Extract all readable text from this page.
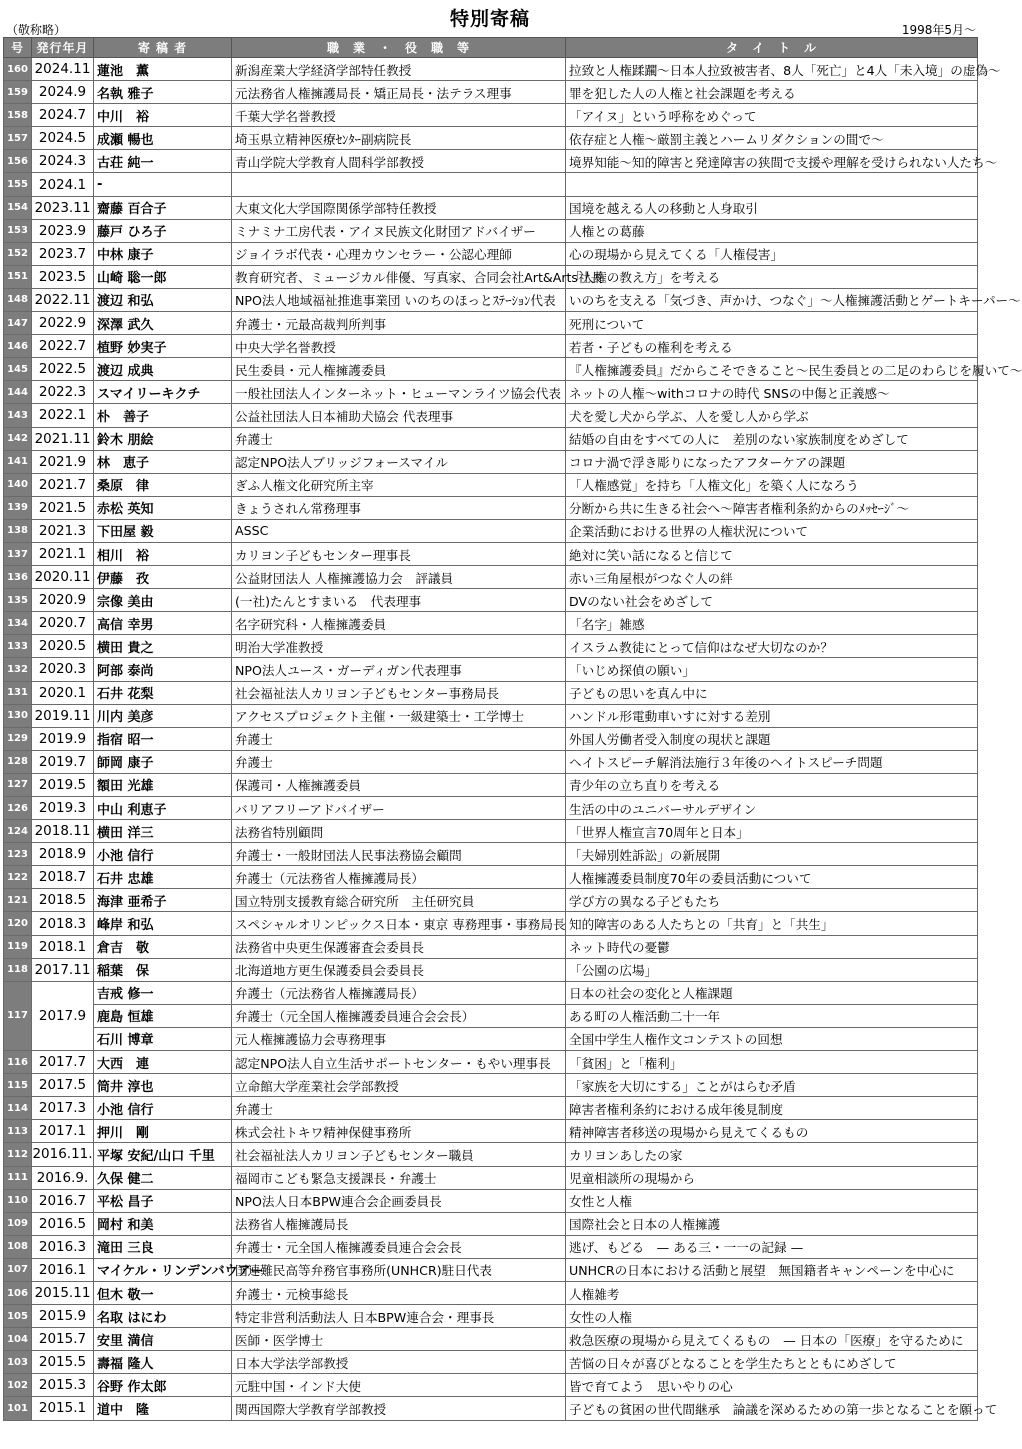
特別寄稿
（敬称略）	1998年5月〜
号	発行年月	寄 稿 者	職　業　・　役　職　等	タ　イ　ト　ル
160	2024.11	蓮池　薫	新潟産業大学経済学部特任教授	拉致と人権蹂躙〜日本人拉致被害者、8人「死亡」と4人「未入境」の虚偽〜
159	2024.9	名執 雅子	元法務省人権擁護局長・矯正局長・法テラス理事	罪を犯した人の人権と社会課題を考える
158	2024.7	中川　裕	千葉大学名誉教授	「アイヌ」という呼称をめぐって
157	2024.5	成瀬 暢也	埼玉県立精神医療ｾﾝﾀｰ副病院長	依存症と人権〜厳罰主義とハームリダクションの間で〜
156	2024.3	古荘 純一	青山学院大学教育人間科学部教授	境界知能〜知的障害と発達障害の狭間で支援や理解を受けられない人たち〜
155	2024.1	-		
154	2023.11	齋藤 百合子	大東文化大学国際関係学部特任教授	国境を越える人の移動と人身取引
153	2023.9	藤戸 ひろ子	ミナミナ工房代表・アイヌ民族文化財団アドバイザー	人権との葛藤
152	2023.7	中林 康子	ジョイラボ代表・心理カウンセラー・公認心理師	心の現場から見えてくる「人権侵害」
151	2023.5	山崎 聡一郎	教育研究者、ミュージカル俳優、写真家、合同会社Art&Arts社長	「人権の教え方」を考える
148	2022.11	渡辺 和弘	NPO法人地域福祉推進事業団 いのちのほっとｽﾃｰｼｮﾝ代表	いのちを支える「気づき、声かけ、つなぐ」〜人権擁護活動とゲートキーパー〜
147	2022.9	深澤 武久	弁護士・元最高裁判所判事	死刑について
146	2022.7	植野 妙実子	中央大学名誉教授	若者・子どもの権利を考える
145	2022.5	渡辺 成典	民生委員・元人権擁護委員	『人権擁護委員』だからこそできること〜民生委員との二足のわらじを履いて〜
144	2022.3	スマイリーキクチ	一般社団法人インターネット・ヒューマンライツ協会代表	ネットの人権〜withコロナの時代 SNSの中傷と正義感〜
143	2022.1	朴　善子	公益社団法人日本補助犬協会 代表理事	犬を愛し犬から学ぶ、人を愛し人から学ぶ
142	2021.11	鈴木 朋絵	弁護士	結婚の自由をすべての人に　差別のない家族制度をめざして
141	2021.9	林　恵子	認定NPO法人ブリッジフォースマイル	コロナ渦で浮き彫りになったアフターケアの課題
140	2021.7	桑原　律	ぎふ人権文化研究所主宰	「人権感覚」を持ち「人権文化」を築く人になろう
139	2021.5	赤松 英知	きょうされん常務理事	分断から共に生きる社会へ〜障害者権利条約からのﾒｯｾｰｼﾞ〜
138	2021.3	下田屋 毅	ASSC	企業活動における世界の人権状況について
137	2021.1	相川　裕	カリヨン子どもセンター理事長	絶対に笑い話になると信じて
136	2020.11	伊藤　孜	公益財団法人 人権擁護協力会　評議員	赤い三角屋根がつなぐ人の絆
135	2020.9	宗像 美由	(一社)たんとすまいる　代表理事	DVのない社会をめざして
134	2020.7	高信 幸男	名字研究科・人権擁護委員	「名字」雑感
133	2020.5	横田 貴之	明治大学准教授	イスラム教徒にとって信仰はなぜ大切なのか？
132	2020.3	阿部 泰尚	NPO法人ユース・ガーディガン代表理事	「いじめ探偵の願い」
131	2020.1	石井 花梨	社会福祉法人カリヨン子どもセンター事務局長	子どもの思いを真ん中に
130	2019.11	川内 美彦	アクセスプロジェクト主催・一級建築士・工学博士	ハンドル形電動車いすに対する差別
129	2019.9	指宿 昭一	弁護士	外国人労働者受入制度の現状と課題
128	2019.7	師岡 康子	弁護士	ヘイトスピーチ解消法施行３年後のヘイトスピーチ問題
127	2019.5	額田 光雄	保護司・人権擁護委員	青少年の立ち直りを考える
126	2019.3	中山 利恵子	バリアフリーアドバイザー	生活の中のユニバーサルデザイン
124	2018.11	横田 洋三	法務省特別顧問	「世界人権宣言70周年と日本」
123	2018.9	小池 信行	弁護士・一般財団法人民事法務協会顧問	「夫婦別姓訴訟」の新展開
122	2018.7	石井 忠雄	弁護士（元法務省人権擁護局長）	人権擁護委員制度70年の委員活動について
121	2018.5	海津 亜希子	国立特別支援教育総合研究所　主任研究員	学び方の異なる子どもたち
120	2018.3	峰岸 和弘	スペシャルオリンピックス日本・東京 専務理事・事務局長	知的障害のある人たちとの「共育」と「共生」
119	2018.1	倉吉　敬	法務省中央更生保護審査会委員長	ネット時代の憂鬱
118	2017.11	稲葉　保	北海道地方更生保護委員会委員長	「公園の広場」
117	2017.9	吉戒 修一	弁護士（元法務省人権擁護局長）	日本の社会の変化と人権課題
		鹿島 恒雄	弁護士（元全国人権擁護委員連合会会長）	ある町の人権活動二十一年
		石川 博章	元人権擁護協力会専務理事	全国中学生人権作文コンテストの回想
116	2017.7	大西　連	認定NPO法人自立生活サポートセンター・もやい理事長	「貧困」と「権利」
115	2017.5	筒井 淳也	立命館大学産業社会学部教授	「家族を大切にする」ことがはらむ矛盾
114	2017.3	小池 信行	弁護士	障害者権利条約における成年後見制度
113	2017.1	押川　剛	株式会社トキワ精神保健事務所	精神障害者移送の現場から見えてくるもの
112	2016.11.	平塚 安紀/山口 千里	社会福祉法人カリヨン子どもセンター職員	カリヨンあしたの家
111	2016.9.	久保 健二	福岡市こども緊急支援課長・弁護士	児童相談所の現場から
110	2016.7	平松 昌子	NPO法人日本BPW連合会企画委員長	女性と人権
109	2016.5	岡村 和美	法務省人権擁護局長	国際社会と日本の人権擁護
108	2016.3	滝田 三良	弁護士・元全国人権擁護委員連合会会長	逃げ、もどる　— ある三・一一の記録 —
107	2016.1	マイケル・リンデンバウアー	国連難民高等弁務官事務所(UNHCR)駐日代表	UNHCRの日本における活動と展望　無国籍者キャンペーンを中心に
106	2015.11	但木 敬一	弁護士・元検事総長	人権雑考
105	2015.9	名取 はにわ	特定非営利活動法人 日本BPW連合会・理事長	女性の人権
104	2015.7	安里 満信	医師・医学博士	救急医療の現場から見えてくるもの　— 日本の「医療」を守るために
103	2015.5	壽福 隆人	日本大学法学部教授	苦悩の日々が喜びとなることを学生たちとともにめざして
102	2015.3	谷野 作太郎	元駐中国・インド大使	皆で育てよう　思いやりの心
101	2015.1	道中　隆	関西国際大学教育学部教授	子どもの貧困の世代間継承　論議を深めるための第一歩となることを願って
